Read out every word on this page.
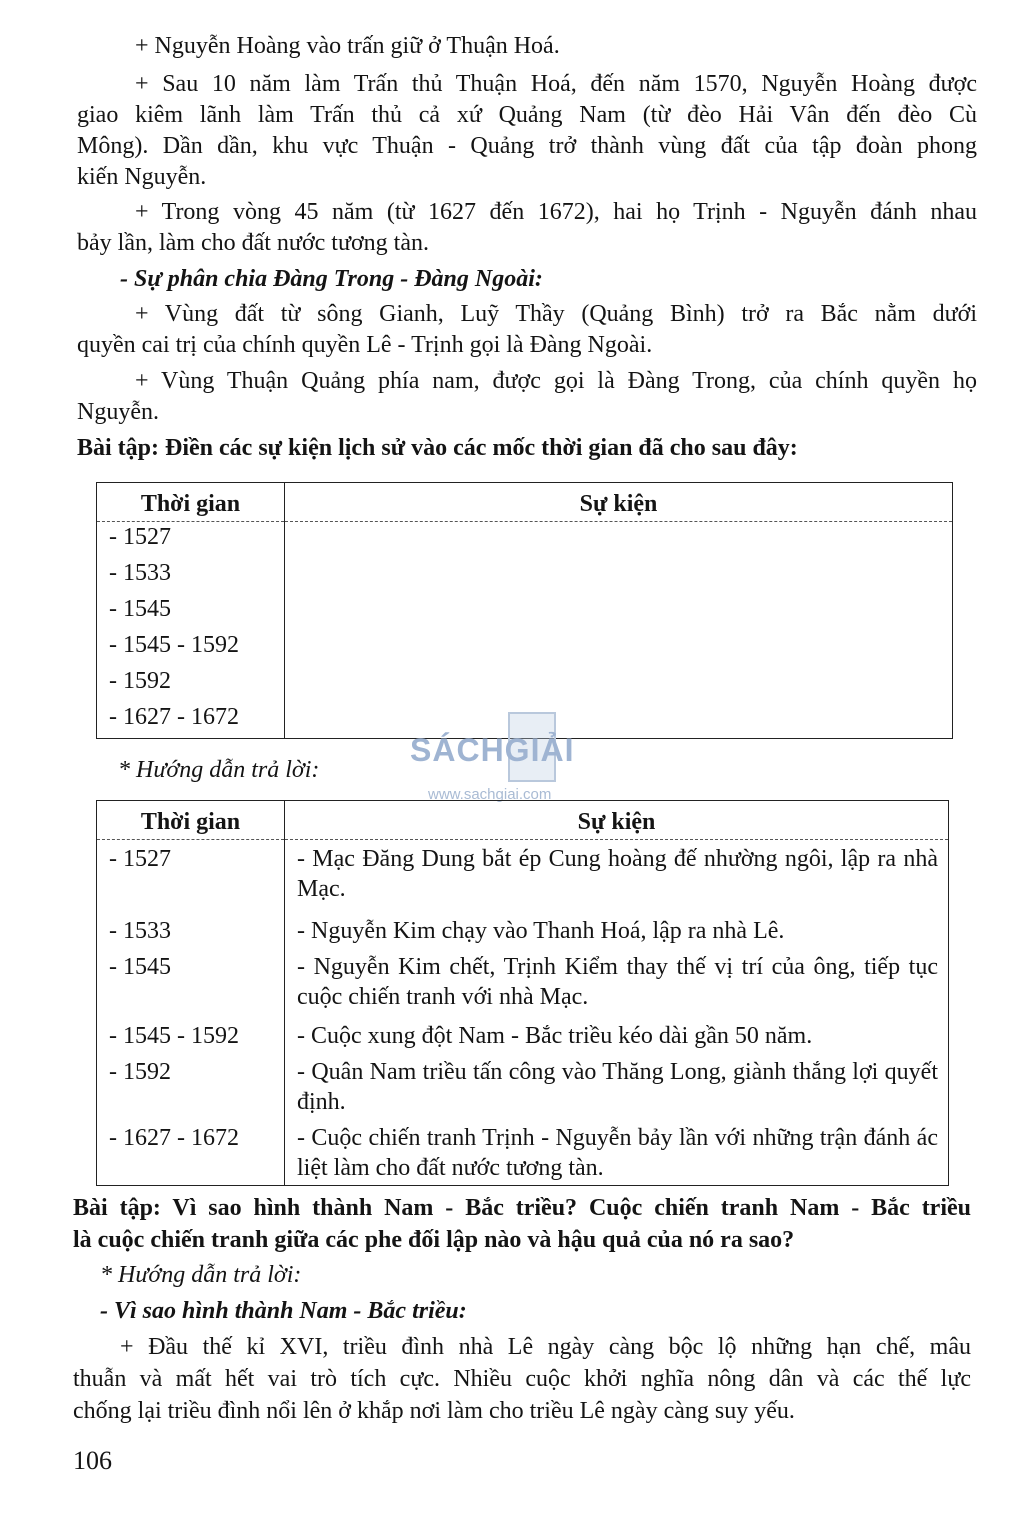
+ Nguyễn Hoàng vào trấn giữ ở Thuận Hoá.
+ Sau 10 năm làm Trấn thủ Thuận Hoá, đến năm 1570, Nguyễn Hoàng được
giao kiêm lãnh làm Trấn thủ cả xứ Quảng Nam (từ đèo Hải Vân đến đèo Cù
Mông). Dần dần, khu vực Thuận - Quảng trở thành vùng đất của tập đoàn phong
kiến Nguyễn.
+ Trong vòng 45 năm (từ 1627 đến 1672), hai họ Trịnh - Nguyễn đánh nhau
bảy lần, làm cho đất nước tương tàn.
- Sự phân chia Đàng Trong - Đàng Ngoài:
+ Vùng đất từ sông Gianh, Luỹ Thầy (Quảng Bình) trở ra Bắc nằm dưới
quyền cai trị của chính quyền Lê - Trịnh gọi là Đàng Ngoài.
+ Vùng Thuận Quảng phía nam, được gọi là Đàng Trong, của chính quyền họ
Nguyễn.
Bài tập: Điền các sự kiện lịch sử vào các mốc thời gian đã cho sau đây:
Thời gian	Sự kiện
- 1527	
- 1533	
- 1545	
- 1545 - 1592	
- 1592	
- 1627 - 1672	
SÁCHGIẢI
www.sachgiai.com
* Hướng dẫn trả lời:
Thời gian	Sự kiện
- 1527	- Mạc Đăng Dung bắt ép Cung hoàng đế nhường ngôi, lập ra nhà Mạc.
- 1533	- Nguyễn Kim chạy vào Thanh Hoá, lập ra nhà Lê.
- 1545	- Nguyễn Kim chết, Trịnh Kiểm thay thế vị trí của ông, tiếp tục cuộc chiến tranh với nhà Mạc.
- 1545 - 1592	- Cuộc xung đột Nam - Bắc triều kéo dài gần 50 năm.
- 1592	- Quân Nam triều tấn công vào Thăng Long, giành thắng lợi quyết định.
- 1627 - 1672	- Cuộc chiến tranh Trịnh - Nguyễn bảy lần với những trận đánh ác liệt làm cho đất nước tương tàn.
Bài tập: Vì sao hình thành Nam - Bắc triều? Cuộc chiến tranh Nam - Bắc triều
là cuộc chiến tranh giữa các phe đối lập nào và hậu quả của nó ra sao?
* Hướng dẫn trả lời:
- Vì sao hình thành Nam - Bắc triều:
+ Đầu thế kỉ XVI, triều đình nhà Lê ngày càng bộc lộ những hạn chế, mâu
thuẫn và mất hết vai trò tích cực. Nhiều cuộc khởi nghĩa nông dân và các thế lực
chống lại triều đình nổi lên ở khắp nơi làm cho triều Lê ngày càng suy yếu.
106
